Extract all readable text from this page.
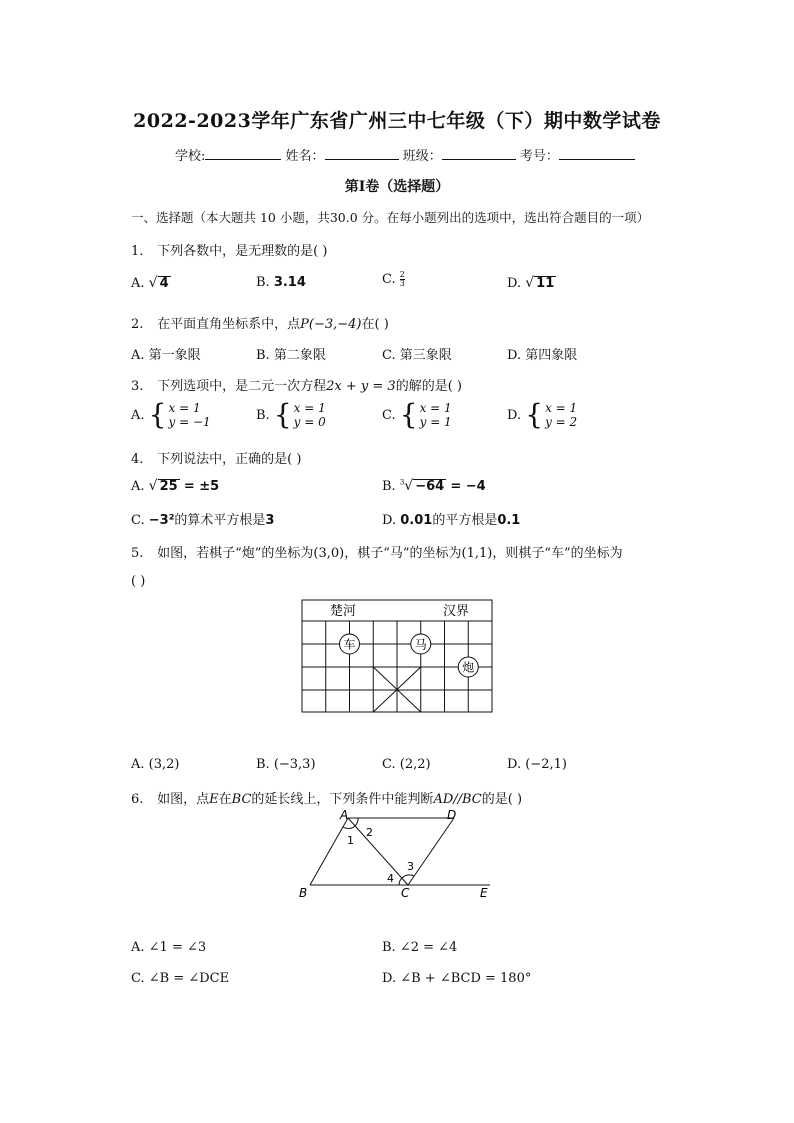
2022-2023学年广东省广州三中七年级（下）期中数学试卷
学校:	姓名：	班级：	考号：
第I卷（选择题）
一、选择题（本大题共 10 小题，共30.0 分。在每小题列出的选项中，选出符合题目的一项）
1. 下列各数中，是无理数的是( )
A. √ 4	B. 3.14	C. $\frac{2}{3}$	D. √ 11
2. 在平面直角坐标系中，点P(−3,−4)在( )
A. 第一象限	B. 第二象限	C. 第三象限	D. 第四象限
3. 下列选项中，是二元一次方程2x + y = 3的解的是( )
A.
{ x = 1
y = −1	B.
{ x = 1
y = 0	C.
{ x = 1
y = 1	D.
{ x = 1
y = 2
4. 下列说法中，正确的是( )
A. √ 25 = ±5	B. $^3$√ −64 = −4
C. −3²的算术平方根是3	D. 0.01的平方根是0.1
5. 如图，若棋子“炮”的坐标为(3,0)，棋子“马”的坐标为(1,1)，则棋子“车”的坐标为
( )
楚河	汉界
车	马
炮
A. (3,2)	B. (−3,3)	C. (2,2)	D. (−2,1)
6. 如图，点E在BC的延长线上，下列条件中能判断AD//BC的是( )
A	D
B	C	E
1
2
3
4
A. ∠1 = ∠3	B. ∠2 = ∠4
C. ∠B = ∠DCE	D. ∠B + ∠BCD = 180°
